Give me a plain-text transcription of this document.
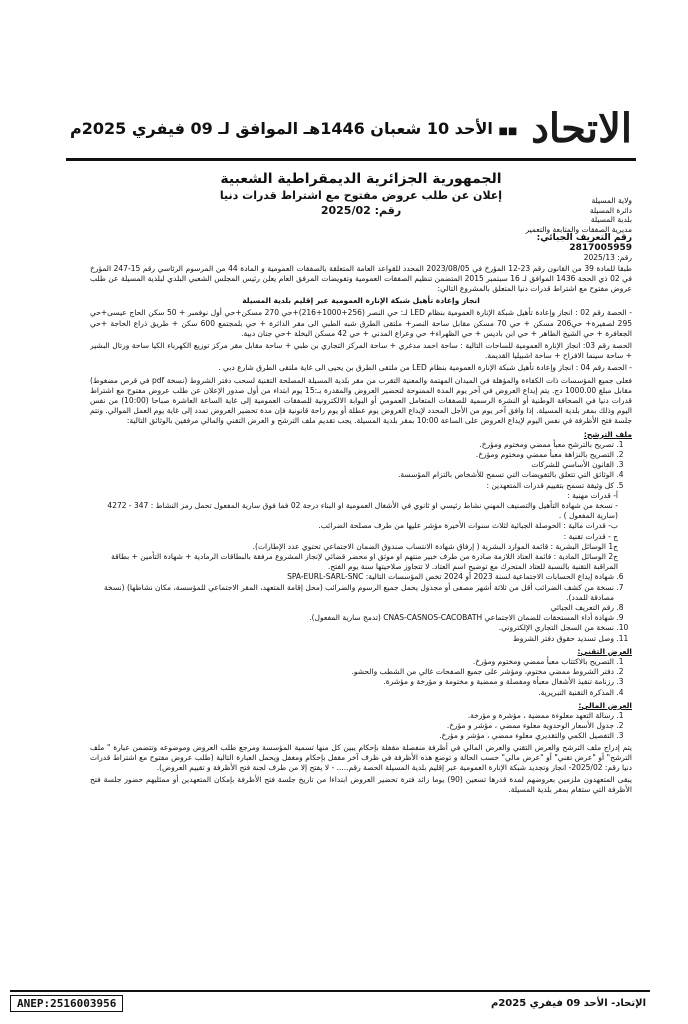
الاتحاد
■■ الأحد 10 شعبان 1446هـ الموافق لـ 09 فيفري 2025م
الجمهورية الجزائرية الديمقراطية الشعبية
إعلان عن طلب عروض مفتوح مع اشتراط قدرات دنيا
رقم: 2025/02
ولاية المسيلة
دائرة المسيلة
بلدية المسيلة
مديرية الصفقات والمتابعة والتعمير
رقم التعريف الجبائي: 2817005959
رقم: 2025/13

طبقا للمادة 39 من القانون رقم 23-12 المؤرخ في 2023/08/05 المحدد للقواعد العامة المتعلقة بالصفقات العمومية و المادة 44 من المرسوم الرئاسي رقم 15-247 المؤرخ في 02 ذي الحجة 1436 الموافق لـ 16 سبتمبر 2015 المتضمن تنظيم الصفقات العمومية وتفويضات المرفق العام يعلن رئيس المجلس الشعبي البلدي لبلدية المسيلة عن طلب عروض مفتوح مع اشتراط قدرات دنيا المتعلق بالمشروع التالي:

انجاز وإعادة تأهيل شبكة الإنارة العمومية عبر إقليم بلدية المسيلة

- الحصة رقم 02 : انجاز وإعادة تأهيل شبكة الإنارة العمومية بنظام LED لـ: حي النصر (256+1000+216)+حي 270 مسكن+حي أول نوفمبر + 50 سكن الحاج عيسى+حي 295 لصفيرة+ حي206 مسكن + حي 70 مسكن مقابل ساحة النصر+ ملتقى الطرق شبه الطبي الى مقر الدائرة + حي بلمجتمع 600 سكن + طريق ذراع الحاجة +حي الجعافرة + حي الشيخ الطاهر + حي ابن باديس + حي الظهراء+ حي وعراع المدني + حي 42 مسكن البخلة +حي جنان دبية.

الحصة رقم 03: انجاز الإنارة العمومية للساحات التالية : ساحة احمد مدغري + ساحة المركز التجاري بن طبي + ساحة مقابل مقر مركز توزيع الكهرباء الكيا ساحة ورتال البشير + ساحة سينما الافراح + ساحة اشبيليا القديمة.

- الحصة رقم 04 : انجاز وإعادة تأهيل شبكة الإنارة العمومية بنظام LED من ملتقى الطرق بن يحيى الى غاية ملتقى الطرق شارع دبي .

فعلى جميع المؤسسات ذات الكفاءة والمؤهلة في الميدان المهتمة والمعنية التقرب من مقر بلدية المسيلة المصلحة التقنية لسحب دفتر الشروط (نسخة pdf في قرص مضغوط) مقابل مبلغ 1000.00 دج. يتم إيداع العروض في آخر يوم المدة الممنوحة لتحضير العروض والمقدرة بـ:15 يوم ابتداء من أول صدور الإعلان عن طلب عروض مفتوح مع اشتراط قدرات دنيا في الصحافة الوطنية أو النشرة الرسمية للصفقات المتعامل العمومي أو البوابة الالكترونية للصفقات العمومية إلى غاية الساعة العاشرة صباحا (10:00) من نفس اليوم وذلك بمقر بلدية المسيلة. إذا وافق آخر يوم من الأجل المحدد لإيداع العروض يوم عطلة أو يوم راحة قانونية فإن مدة تحضير العروض تمدد إلى غاية يوم العمل الموالي. وتتم جلسة فتح الأظرفة في نفس اليوم لإيداع العروض على الساعة 10:00 بمقر بلدية المسيلة. يجب تقديم ملف الترشح و العرض التقني والمالي مرفقين بالوثائق التالية:

ملف الترشح:
1. تصريح بالترشح معبأ ممضي ومختوم ومؤرخ.
2. التصريح بالنزاهة معبأ ممضي ومختوم ومؤرخ.
3. القانون الأساسي للشركات
4. الوثائق التي تتعلق بالتفويضات التي تسمح للأشخاص بالتزام المؤسسة.
5. كل وثيقة تسمح بتقييم قدرات المتعهدين :
أ- قدرات مهنية :
- نسخة من شهادة التأهيل والتصنيف المهني نشاط رئيسي او ثانوي في الأشغال العمومية او البناء درجة 02 فما فوق سارية المفعول تحمل رمز النشاط : 347 - 4272 (سارية المفعول ) .
ب- قدرات مالية : الحوصلة الجبائية لثلاث سنوات الأخيرة مؤشر عليها من طرف مصلحة الضرائب.
ج - قدرات تقنية :
ج1 الوسائل البشرية : قائمة الموارد البشرية ( إرفاق شهادة الانتساب صندوق الضمان الاجتماعي تحتوي عدد الإطارات).
ج2 الوسائل المادية : قائمة العتاد اللازمة صادرة من طرف خبير منتهم او موثق او محضر قضائي لإنجاز المشروع مرفقة بالبطاقات الرمادية + شهادة التأمين + بطاقة المراقبة التقنية بالنسبة للعتاد المتحرك مع توضيح اسم العتاد. لا تتجاوز صلاحيتها سنة يوم الفتح.
6. شهادة إيداع الحسابات الاجتماعية لسنة 2023 أو 2024 تخص المؤسسات التالية: SPA-EURL-SARL-SNC
7. نسخة من كشف الضرائب أقل من ثلاثة أشهر مصفى أو مجدول يحمل جميع الرسوم والضرائب (محل إقامة المتعهد، المقر الاجتماعي للمؤسسة، مكان نشاطها) (نسخة مصادقة للمدد).
8. رقم التعريف الجبائي
9. شهادة أداء المستحقات للضمان الاجتماعي CNAS-CASNOS-CACOBATH (تدمج سارية المفعول).
10. نسخة من السجل التجاري الإلكتروني.
11. وصل تسديد حقوق دفتر الشروط
العرض التقني:
1. التصريح بالاكتتاب معبأ ممضي ومختوم ومؤرخ.
2. دفتر الشروط ممضي مختوم، ومؤشر على جميع الصفحات غالي من الشطب والحشو.
3. رزنامة تنفيذ الأشغال معبأة ومفصلة و ممضية و مختومة و مؤرخة و مؤشرة.
4. المذكرة التقنية التبريرية.
العرض المالي:
1. رسالة التعهد معلوءة ممضية ، مؤشرة و مؤرخة.
2. جدول الأسعار الوحدوية معلوء ممضي ، مؤشر و مؤرخ.
3. التفصيل الكمي والتقديري معلوء ممضي ، مؤشر و مؤرخ.

يتم إدراج ملف الترشح والعرض التقني والعرض المالي في أظرفة منفصلة مقفلة بإحكام يبين كل منها تسمية المؤسسة ومرجع طلب العروض وموضوعه وتتضمن عبارة " ملف الترشح" أو "عرض تقني" أو "عرض مالي" حسب الحالة و توضع هذه الأظرفة في ظرف آخر مقفل بإحكام ومغفل ويحمل العبارة التالية (طلب عروض مفتوح مع اشتراط قدرات دنيا رقم: 2025/02- انجاز وتجديد شبكة الإنارة العمومية عبر إقليم بلدية المسيلة الحصة رقم..... - لا يفتح إلا من طرف لجنة فتح الأظرفة و تقييم العروض).

يبقى المتعهدون ملزمين بعروضهم لمدة قدرها تسعين (90) يوما زائد فترة تحضير العروض ابتداءا من تاريخ جلسة فتح الأظرفة بإمكان المتعهدين أو ممثليهم حضور جلسة فتح الأظرفة التي ستقام بمقر بلدية المسيلة.

الإتحاد- الأحد 09 فيفري 2025م
ANEP:2516003956
